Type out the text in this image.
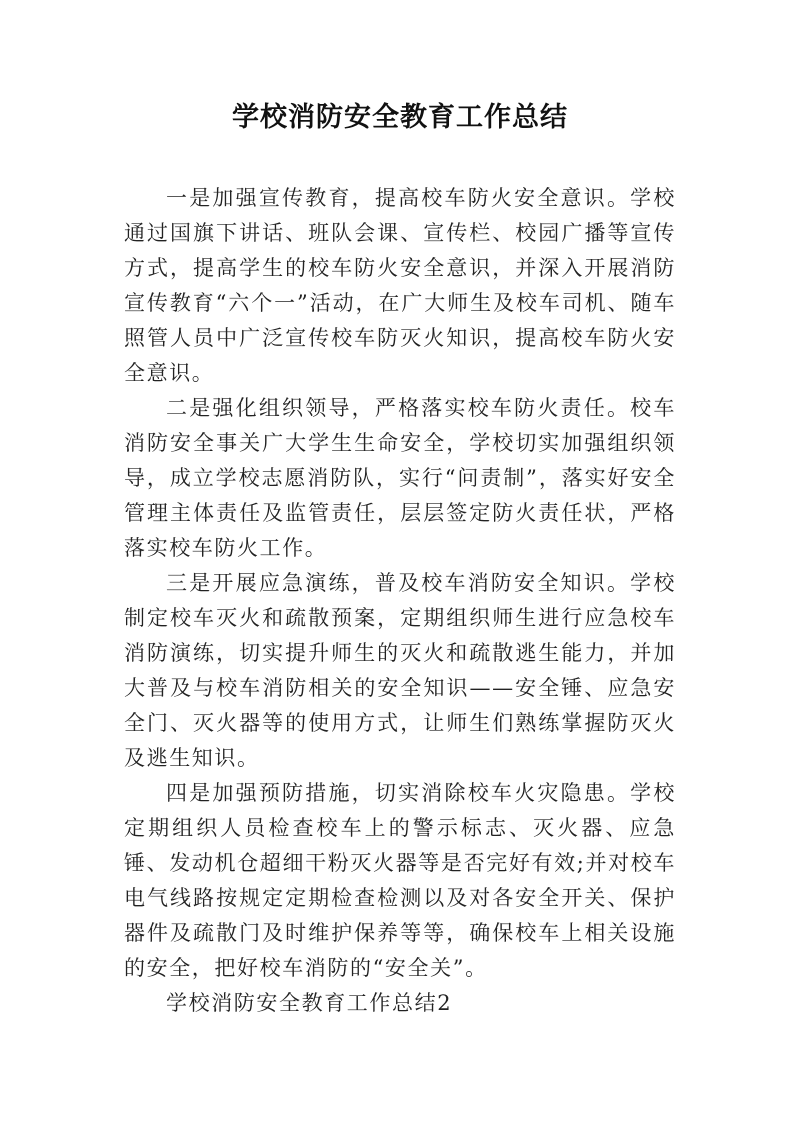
学校消防安全教育工作总结

一是加强宣传教育，提高校车防火安全意识。学校通过国旗下讲话、班队会课、宣传栏、校园广播等宣传方式，提高学生的校车防火安全意识，并深入开展消防宣传教育“六个一”活动，在广大师生及校车司机、随车照管人员中广泛宣传校车防灭火知识，提高校车防火安全意识。

二是强化组织领导，严格落实校车防火责任。校车消防安全事关广大学生生命安全，学校切实加强组织领导，成立学校志愿消防队，实行“问责制”，落实好安全管理主体责任及监管责任，层层签定防火责任状，严格落实校车防火工作。

三是开展应急演练，普及校车消防安全知识。学校制定校车灭火和疏散预案，定期组织师生进行应急校车消防演练，切实提升师生的灭火和疏散逃生能力，并加大普及与校车消防相关的安全知识——安全锤、应急安全门、灭火器等的使用方式，让师生们熟练掌握防灭火及逃生知识。

四是加强预防措施，切实消除校车火灾隐患。学校定期组织人员检查校车上的警示标志、灭火器、应急锤、发动机仓超细干粉灭火器等是否完好有效;并对校车电气线路按规定定期检查检测以及对各安全开关、保护器件及疏散门及时维护保养等等，确保校车上相关设施的安全，把好校车消防的“安全关”。

学校消防安全教育工作总结2
